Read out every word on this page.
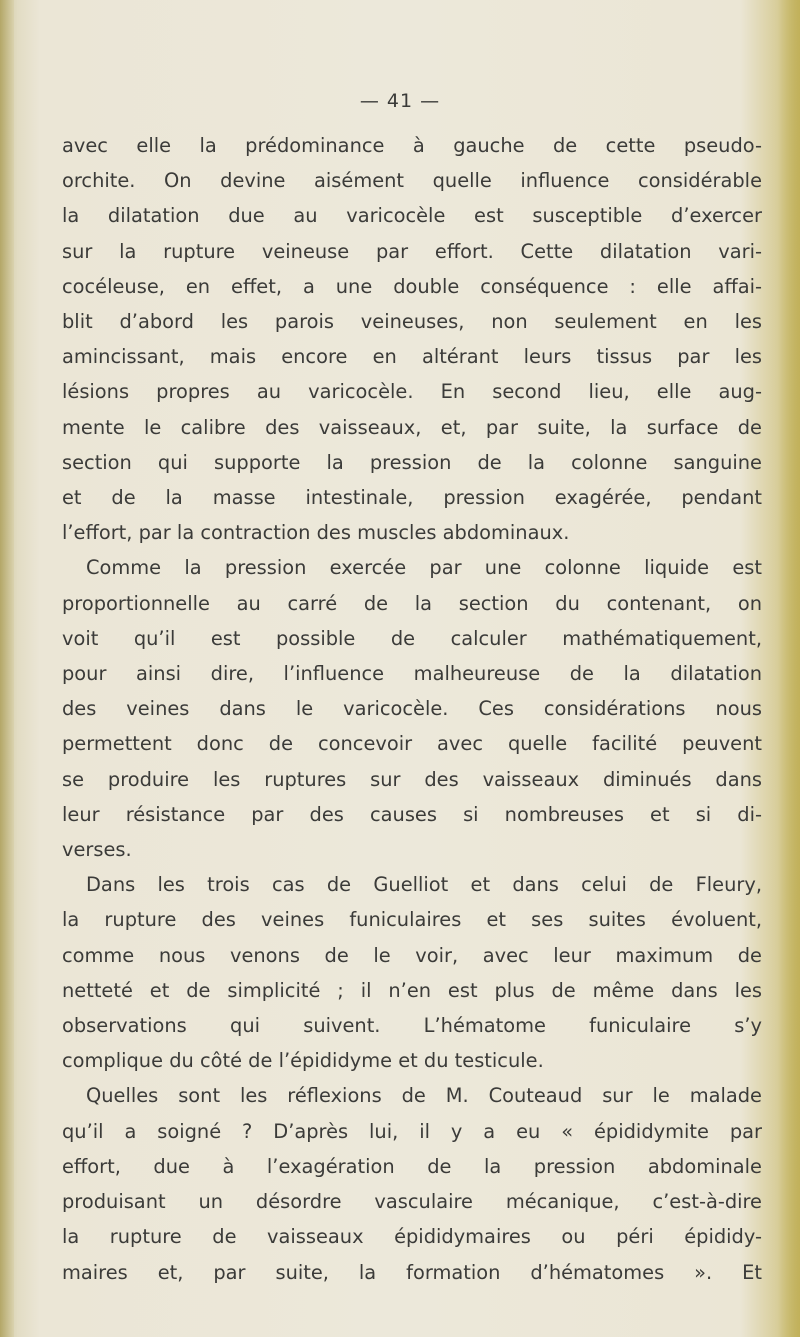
— 41 —
avec elle la prédominance à gauche de cette pseudo-
orchite. On devine aisément quelle influence considérable
la dilatation due au varicocèle est susceptible d’exercer
sur la rupture veineuse par effort. Cette dilatation vari-
cocéleuse, en effet, a une double conséquence : elle affai-
blit d’abord les parois veineuses, non seulement en les
amincissant, mais encore en altérant leurs tissus par les
lésions propres au varicocèle. En second lieu, elle aug-
mente le calibre des vaisseaux, et, par suite, la surface de
section qui supporte la pression de la colonne sanguine
et de la masse intestinale, pression exagérée, pendant
l’effort, par la contraction des muscles abdominaux.
Comme la pression exercée par une colonne liquide est
proportionnelle au carré de la section du contenant, on
voit qu’il est possible de calculer mathématiquement,
pour ainsi dire, l’influence malheureuse de la dilatation
des veines dans le varicocèle. Ces considérations nous
permettent donc de concevoir avec quelle facilité peuvent
se produire les ruptures sur des vaisseaux diminués dans
leur résistance par des causes si nombreuses et si di-
verses.
Dans les trois cas de Guelliot et dans celui de Fleury,
la rupture des veines funiculaires et ses suites évoluent,
comme nous venons de le voir, avec leur maximum de
netteté et de simplicité ; il n’en est plus de même dans les
observations qui suivent. L’hématome funiculaire s’y
complique du côté de l’épididyme et du testicule.
Quelles sont les réflexions de M. Couteaud sur le malade
qu’il a soigné ? D’après lui, il y a eu « épididymite par
effort, due à l’exagération de la pression abdominale
produisant un désordre vasculaire mécanique, c’est-à-dire
la rupture de vaisseaux épididymaires ou péri épididy-
maires et, par suite, la formation d’hématomes ». Et
